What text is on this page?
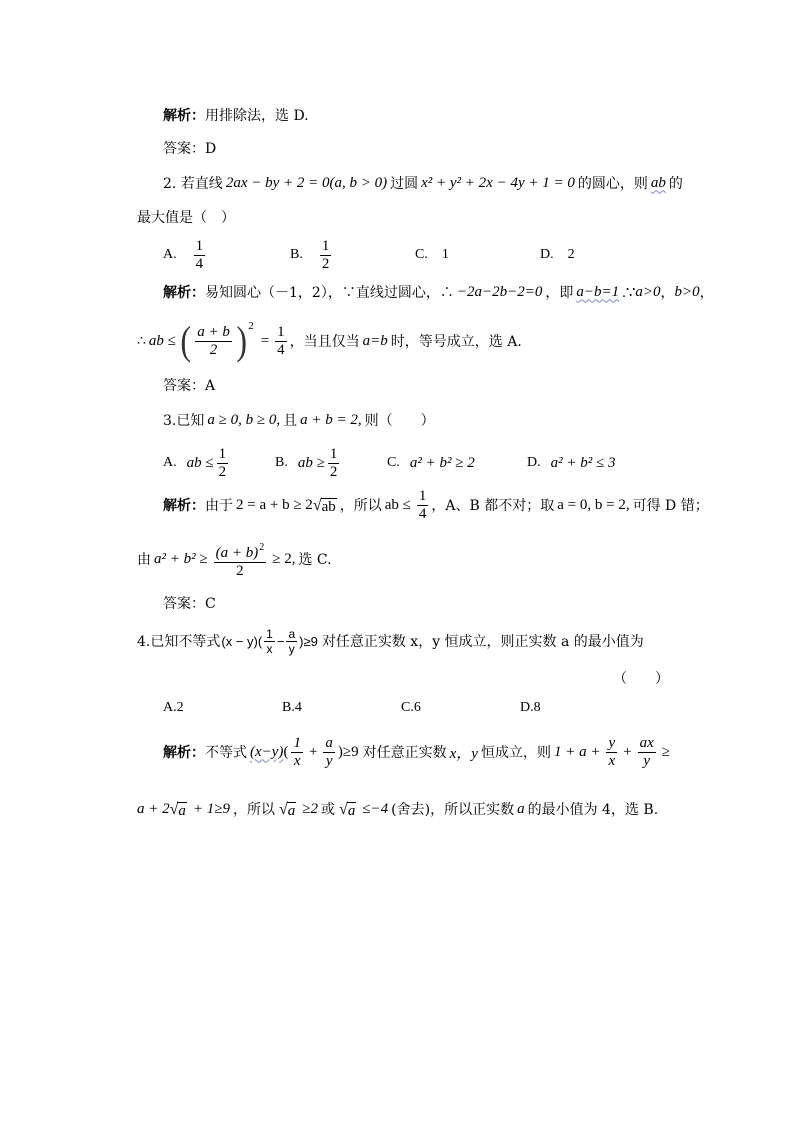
解析： 用排除法，选 D.
答案：D
2. 若直线 2ax − by + 2 = 0(a, b > 0) 过圆 x² + y² + 2x − 4y + 1 = 0 的圆心，则 ab 的
最大值是（　）
A. $\frac{1}{4}$	B. $\frac{1}{2}$	C. 1	D. 2
解析： 易知圆心（－1，2），∵直线过圆心，∴ −2a−2b−2=0 ，即 a−b=1 .∵ a>0 ， b>0 ，
∴ ab ≤ ( $\frac{a + b}{2}$ ) 2
= $\frac{1}{4}$ ，当且仅当 a=b 时，等号成立，选 A.
答案：A
3.已知 a ≥ 0, b ≥ 0, 且 a + b = 2, 则（　　）
A. ab ≤ $\frac{1}{2}$	B. ab ≥ $\frac{1}{2}$	C. a² + b² ≥ 2	D. a² + b² ≤ 3
解析： 由于 2 = a + b ≥ 2 √ ab ，所以 ab ≤ $\frac{1}{4}$ ，A、B 都不对；取 a = 0, b = 2, 可得 D 错；
由 $a^2 + b^2 \ge \frac{(a + b)^2}{2} \ge 2$, 选 C.
答案：C
4.已知不等式 $(x - y)( \frac{1}{x} - \frac{a}{y} )\ge 9$ 对任意正实数 x，y 恒成立，则正实数 a 的最小值为
（　　）
A.2	B.4	C.6	D.8
解析： 不等式 (x−y) ( $\frac{1}{x} + \frac{a}{y} )\ge 9$ 对任意正实数 x，y 恒成立，则 $1 + a + \frac{y}{x} + \frac{ax}{y}$ ≥
a + 2 √ a + 1≥9 ，所以 √ a ≥2 或 √ a ≤−4 (舍去)，所以正实数 a 的最小值为 4，选 B.
